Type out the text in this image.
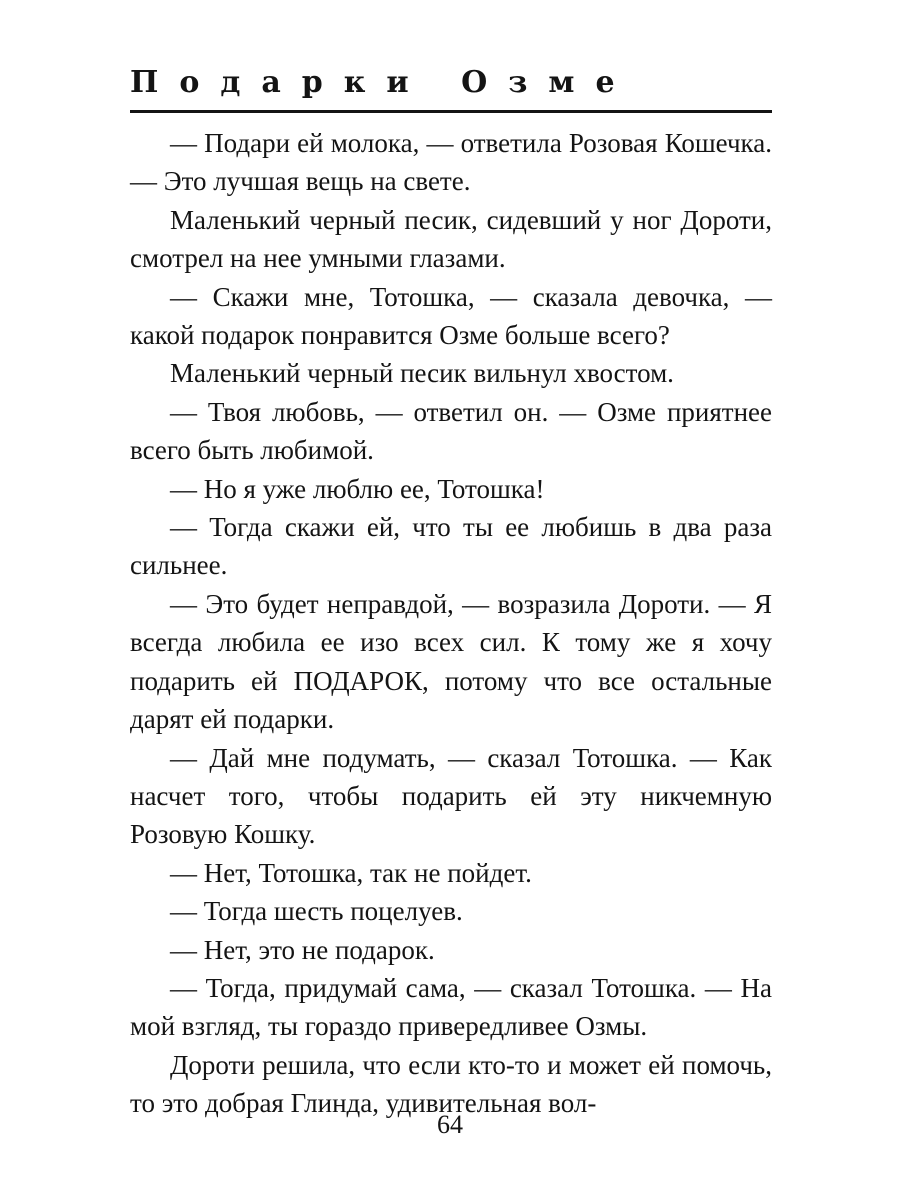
Подарки Озме

— Подари ей молока, — ответила Розовая Кошечка. — Это лучшая вещь на свете.

Маленький черный песик, сидевший у ног Дороти, смотрел на нее умными глазами.

— Скажи мне, Тотошка, — сказала девочка, — какой подарок понравится Озме больше всего?

Маленький черный песик вильнул хвостом.

— Твоя любовь, — ответил он. — Озме приятнее всего быть любимой.

— Но я уже люблю ее, Тотошка!

— Тогда скажи ей, что ты ее любишь в два раза сильнее.

— Это будет неправдой, — возразила Дороти. — Я всегда любила ее изо всех сил. К тому же я хочу подарить ей ПОДАРОК, потому что все остальные дарят ей подарки.

— Дай мне подумать, — сказал Тотошка. — Как насчет того, чтобы подарить ей эту никчемную Розовую Кошку.

— Нет, Тотошка, так не пойдет.

— Тогда шесть поцелуев.

— Нет, это не подарок.

— Тогда, придумай сама, — сказал Тотошка. — На мой взгляд, ты гораздо привередливее Озмы.

Дороти решила, что если кто-то и может ей помочь, то это добрая Глинда, удивительная вол-

64
